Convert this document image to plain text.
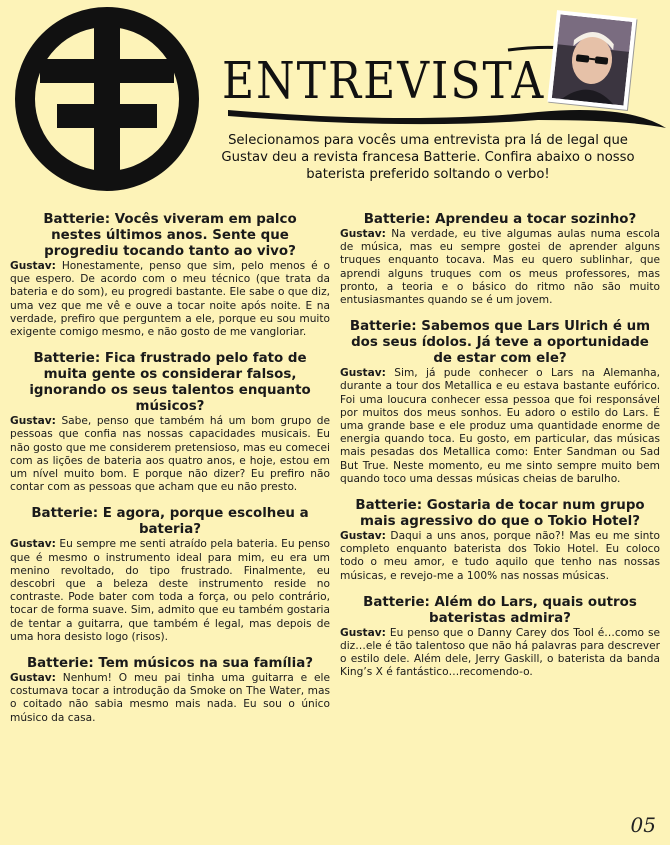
ENTREVISTA
Selecionamos para vocês uma entrevista pra lá de legal que Gustav deu a revista francesa Batterie. Confira abaixo o nosso baterista preferido soltando o verbo!
Batterie: Vocês viveram em palco nestes últimos anos. Sente que progrediu tocando tanto ao vivo?
Gustav: Honestamente, penso que sim, pelo menos é o que espero. De acordo com o meu técnico (que trata da bateria e do som), eu progredi bastante. Ele sabe o que diz, uma vez que me vê e ouve a tocar noite após noite. E na verdade, prefiro que perguntem a ele, porque eu sou muito exigente comigo mesmo, e não gosto de me vangloriar.
Batterie: Fica frustrado pelo fato de muita gente os considerar falsos, ignorando os seus talentos enquanto músicos?
Gustav: Sabe, penso que também há um bom grupo de pessoas que confia nas nossas capacidades musicais. Eu não gosto que me considerem pretensioso, mas eu comecei com as lições de bateria aos quatro anos, e hoje, estou em um nível muito bom. E porque não dizer? Eu prefiro não contar com as pessoas que acham que eu não presto.
Batterie: E agora, porque escolheu a bateria?
Gustav: Eu sempre me senti atraído pela bateria. Eu penso que é mesmo o instrumento ideal para mim, eu era um menino revoltado, do tipo frustrado. Finalmente, eu descobri que a beleza deste instrumento reside no contraste. Pode bater com toda a força, ou pelo contrário, tocar de forma suave. Sim, admito que eu também gostaria de tentar a guitarra, que também é legal, mas depois de uma hora desisto logo (risos).
Batterie: Tem músicos na sua família?
Gustav: Nenhum! O meu pai tinha uma guitarra e ele costumava tocar a introdução da Smoke on The Water, mas o coitado não sabia mesmo mais nada. Eu sou o único músico da casa.
Batterie: Aprendeu a tocar sozinho?
Gustav: Na verdade, eu tive algumas aulas numa escola de música, mas eu sempre gostei de aprender alguns truques enquanto tocava. Mas eu quero sublinhar, que aprendi alguns truques com os meus professores, mas pronto, a teoria e o básico do ritmo não são muito entusiasmantes quando se é um jovem.
Batterie: Sabemos que Lars Ulrich é um dos seus ídolos. Já teve a oportunidade de estar com ele?
Gustav: Sim, já pude conhecer o Lars na Alemanha, durante a tour dos Metallica e eu estava bastante eufórico. Foi uma loucura conhecer essa pessoa que foi responsável por muitos dos meus sonhos. Eu adoro o estilo do Lars. É uma grande base e ele produz uma quantidade enorme de energia quando toca. Eu gosto, em particular, das músicas mais pesadas dos Metallica como: Enter Sandman ou Sad But True. Neste momento, eu me sinto sempre muito bem quando toco uma dessas músicas cheias de barulho.
Batterie: Gostaria de tocar num grupo mais agressivo do que o Tokio Hotel?
Gustav: Daqui a uns anos, porque não?! Mas eu me sinto completo enquanto baterista dos Tokio Hotel. Eu coloco todo o meu amor, e tudo aquilo que tenho nas nossas músicas, e revejo-me a 100% nas nossas músicas.
Batterie: Além do Lars, quais outros bateristas admira?
Gustav: Eu penso que o Danny Carey dos Tool é…como se diz…ele é tão talentoso que não há palavras para descrever o estilo dele. Além dele, Jerry Gaskill, o baterista da banda King’s X é fantástico…recomendo-o.
05
